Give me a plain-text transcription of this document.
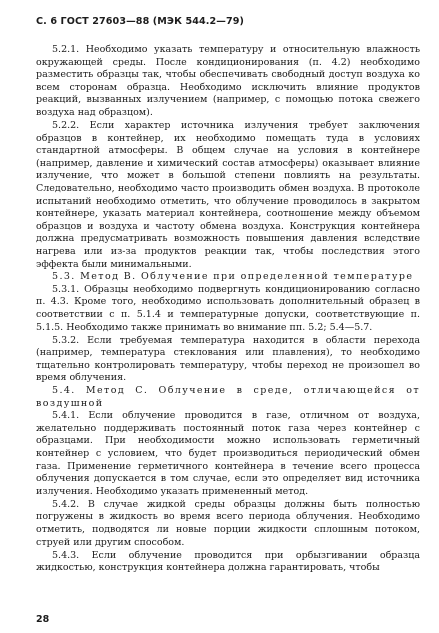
С. 6 ГОСТ 27603—88 (МЭК 544.2—79)

5.2.1. Необходимо указать температуру и относительную влажность окружающей среды. После кондиционирования (п. 4.2) необходимо разместить образцы так, чтобы обеспечивать свободный доступ воздуха ко всем сторонам образца. Необходимо исключить влияние продуктов реакций, вызванных излучением (например, с помощью потока свежего воздуха над образцом).

5.2.2. Если характер источника излучения требует заключения образцов в контейнер, их необходимо помещать туда в условиях стандартной атмосферы. В общем случае на условия в контейнере (например, давление и химический состав атмосферы) оказывает влияние излучение, что может в большой степени повлиять на результаты. Следовательно, необходимо часто производить обмен воздуха. В протоколе испытаний необходимо отметить, что облучение проводилось в закрытом контейнере, указать материал контейнера, соотношение между объемом образцов и воздуха и частоту обмена воздуха. Конструкция контейнера должна предусматривать возможность повышения давления вследствие нагрева или из-за продуктов реакции так, чтобы последствия этого эффекта были минимальными.

5.3. Метод В. Облучение при определенной температуре

5.3.1. Образцы необходимо подвергнуть кондиционированию согласно п. 4.3. Кроме того, необходимо использовать дополнительный образец в соответствии с п. 5.1.4 и температурные допуски, соответствующие п. 5.1.5. Необходимо также принимать во внимание пп. 5.2; 5.4—5.7.

5.3.2. Если требуемая температура находится в области перехода (например, температура стеклования или плавления), то необходимо тщательно контролировать температуру, чтобы переход не произошел во время облучения.

5.4. Метод С. Облучение в среде, отличающейся от воздушной

5.4.1. Если облучение проводится в газе, отличном от воздуха, желательно поддерживать постоянный поток газа через контейнер с образцами. При необходимости можно использовать герметичный контейнер с условием, что будет производиться периодический обмен газа. Применение герметичного контейнера в течение всего процесса облучения допускается в том случае, если это определяет вид источника излучения. Необходимо указать примененный метод.

5.4.2. В случае жидкой среды образцы должны быть полностью погружены в жидкость во время всего периода облучения. Необходимо отметить, подводятся ли новые порции жидкости сплошным потоком, струей или другим способом.

5.4.3. Если облучение проводится при орбызгивании образца жидкостью, конструкция контейнера должна гарантировать, чтобы

28
